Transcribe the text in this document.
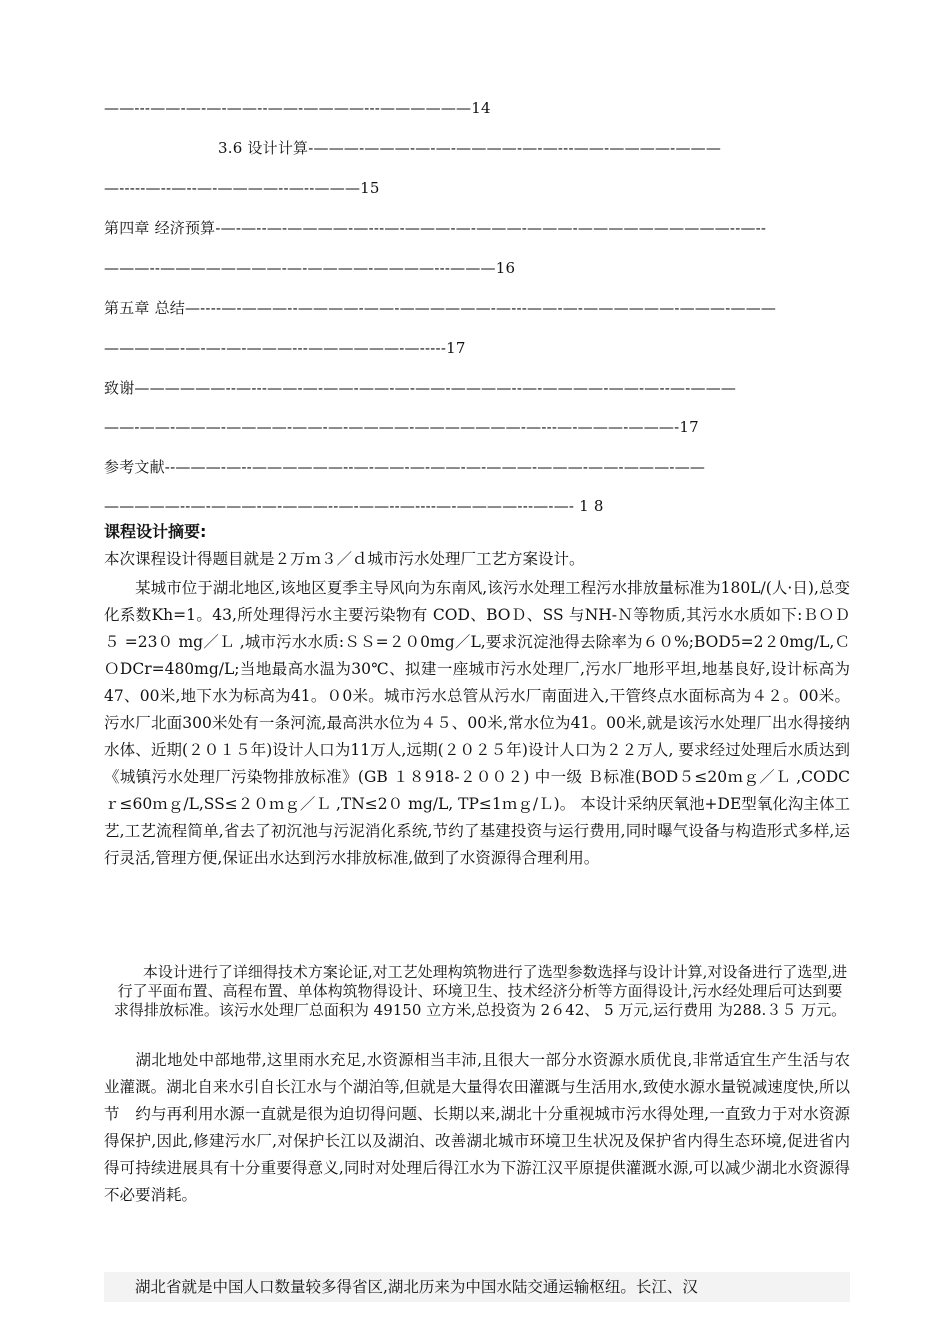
——---——-—-—-——--——-————---——————14
3.6 设计计算-———-———-—-—-————-—-—---——-————-———
—-----—--—--—-————--—--———15
第四章 经济预算-—-—--—-————-—---—-———-—-———-———-——————————--—--
———--————————-—-————-————---———16
第五章 总结—----—-———--————-——-——————-—---——-—-——————-———-———
—————-—-—-—-———---——————-—-----17
致谢——————--—---——-—-——-——-—-——-————--—-————-——-—--—-———
——-——-———-————-——-—-————-———————-—---—-———-———-17
参考文献--———-—--——————--—-——-—-——-—-———-———-——-———-——
—————--—-———-—-———--—-——--—----—-————---—-—- 1 8
课程设计摘要:

本次课程设计得题目就是２万ｍ３／ｄ城市污水处理厂工艺方案设计。

　　某城市位于湖北地区,该地区夏季主导风向为东南风,该污水处理工程污水排放量标准为180L/(人·日),总变化系数Kh=1。43,所处理得污水主要污染物有 COD、BOＤ、SS 与NH-Ｎ等物质,其污水水质如下:ＢＯＤ５ =23０ mg／Ｌ ,城市污水水质:ＳＳ=２０0mg／L,要求沉淀池得去除率为６０%;BOD5=2２0mg/L,ＣＯDCr=480mg/L;当地最高水温为30℃、拟建一座城市污水处理厂,污水厂地形平坦,地基良好,设计标高为47、00米,地下水为标高为41。０0米。城市污水总管从污水厂南面进入,干管终点水面标高为４２。00米。污水厂北面300米处有一条河流,最高洪水位为４５、00米,常水位为41。00米,就是该污水处理厂出水得接纳水体、近期(２０１５年)设计人口为11万人,远期(２０２５年)设计人口为２２万人, 要求经过处理后水质达到《城镇污水处理厂污染物排放标准》(GB １８918-２００２) 中一级 Ｂ标准(BOD５≤20ｍｇ／Ｌ ,CODC ｒ≤60ｍｇ/L,SS≤２０ｍｇ／Ｌ ,TN≤2０ mg/L, TP≤1ｍｇ/Ｌ)。 本设计采纳厌氧池+DE型氧化沟主体工艺,工艺流程简单,省去了初沉池与污泥消化系统,节约了基建投资与运行费用,同时曝气设备与构造形式多样,运行灵活,管理方便,保证出水达到污水排放标准,做到了水资源得合理利用。

　　本设计进行了详细得技术方案论证,对工艺处理构筑物进行了选型参数选择与设计计算,对设备进行了选型,进行了平面布置、高程布置、单体构筑物得设计、环境卫生、技术经济分析等方面得设计,污水经处理后可达到要求得排放标准。该污水处理厂总面积为 49150 立方米,总投资为 2６42、 5 万元,运行费用 为288.３５ 万元。

　　湖北地处中部地带,这里雨水充足,水资源相当丰沛,且很大一部分水资源水质优良,非常适宜生产生活与农业灌溉。湖北自来水引自长江水与个湖泊等,但就是大量得农田灌溉与生活用水,致使水源水量锐减速度快,所以节　约与再利用水源一直就是很为迫切得问题、长期以来,湖北十分重视城市污水得处理,一直致力于对水资源得保护,因此,修建污水厂,对保护长江以及湖泊、改善湖北城市环境卫生状况及保护省内得生态环境,促进省内得可持续进展具有十分重要得意义,同时对处理后得江水为下游江汉平原提供灌溉水源,可以减少湖北水资源得不必要消耗。

　　湖北省就是中国人口数量较多得省区,湖北历来为中国水陆交通运输枢纽。长江、汉
